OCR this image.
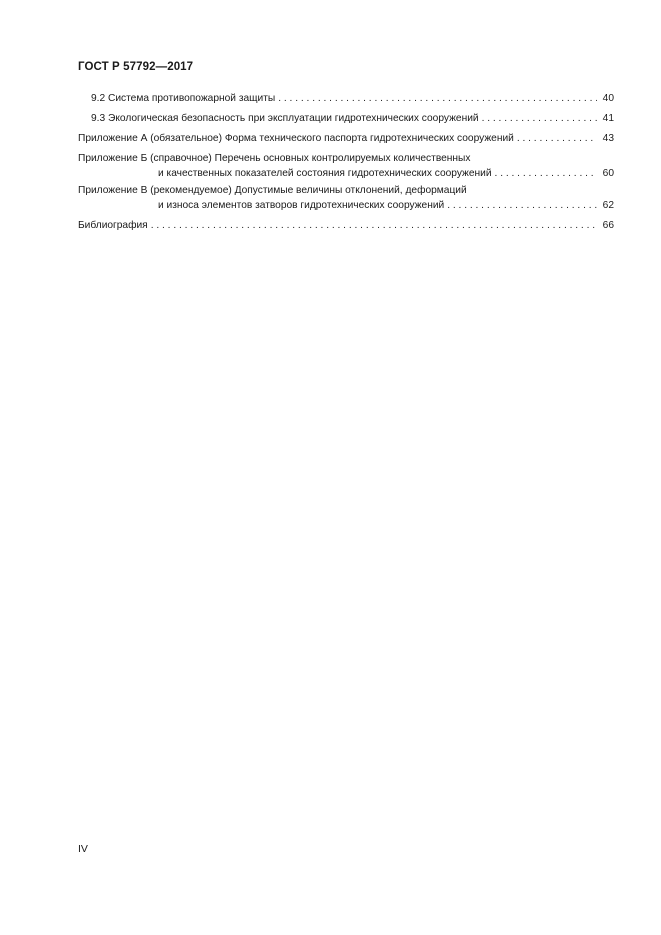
ГОСТ Р 57792—2017
9.2 Система противопожарной защиты . . .	40
9.3 Экологическая безопасность при эксплуатации гидротехнических сооружений . . .	41
Приложение А (обязательное) Форма технического паспорта гидротехнических сооружений . . .	43
Приложение Б (справочное) Перечень основных контролируемых количественных
и качественных показателей состояния гидротехнических сооружений . . .	60
Приложение В (рекомендуемое) Допустимые величины отклонений, деформаций
и износа элементов затворов гидротехнических сооружений . . .	62
Библиография . . .	66
IV
